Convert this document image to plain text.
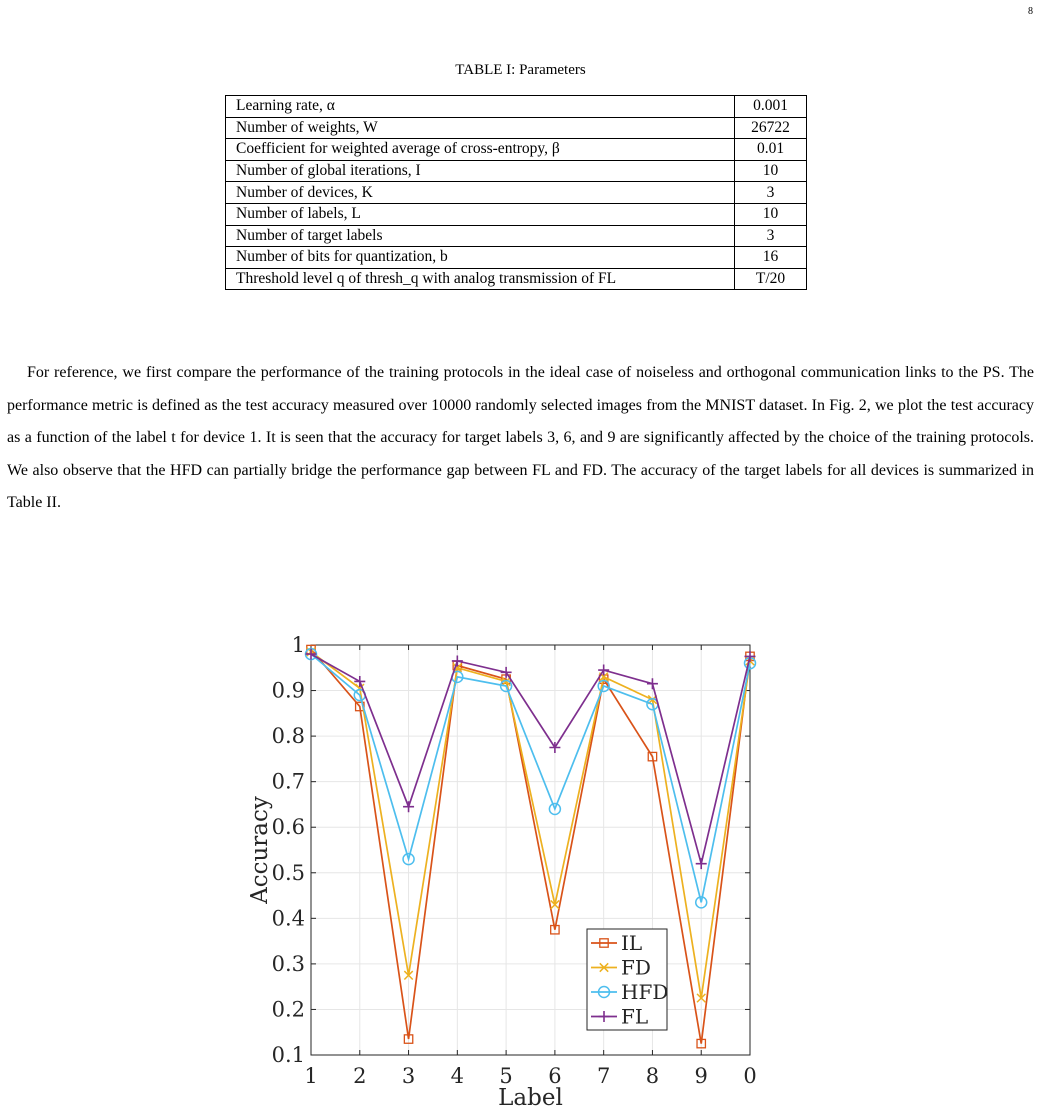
8
TABLE I: Parameters
Learning rate, α	0.001
Number of weights, W	26722
Coefficient for weighted average of cross-entropy, β	0.01
Number of global iterations, I	10
Number of devices, K	3
Number of labels, L	10
Number of target labels	3
Number of bits for quantization, b	16
Threshold level q of thresh_q with analog transmission of FL	T/20

For reference, we first compare the performance of the training protocols in the ideal case of noiseless and orthogonal communication links to the PS. The performance metric is defined as the test accuracy measured over 10000 randomly selected images from the MNIST dataset. In Fig. 2, we plot the test accuracy as a function of the label t for device 1. It is seen that the accuracy for target labels 3, 6, and 9 are significantly affected by the choice of the training protocols. We also observe that the HFD can partially bridge the performance gap between FL and FD. The accuracy of the target labels for all devices is summarized in Table II.

1 2 3 4 5 6 7 8 9 0
0.1
0.2
0.3
0.4
0.5
0.6
0.7
0.8
0.9
1
Label
Accuracy
IL
FD
HFD
FL
